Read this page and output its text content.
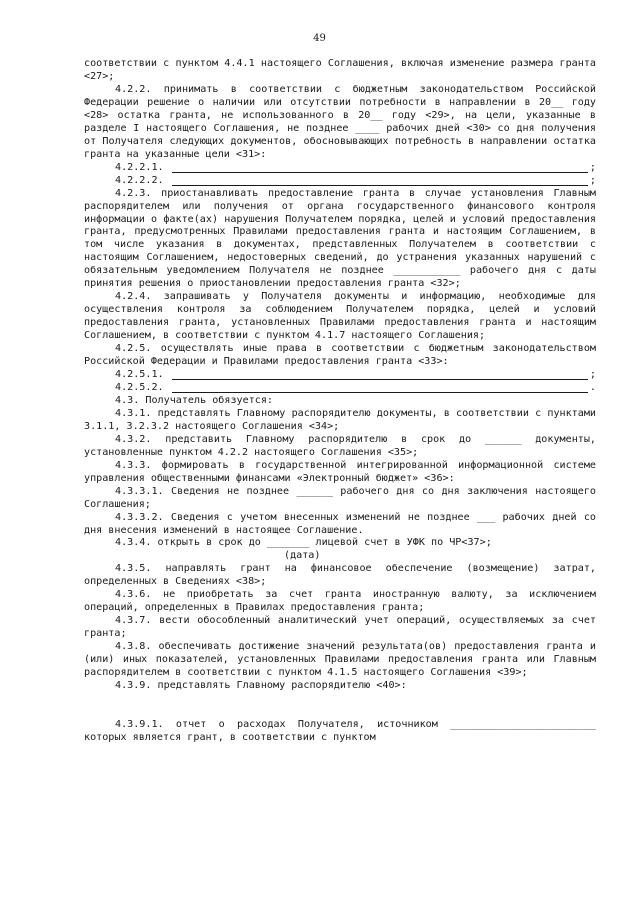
49
соответствии с пунктом 4.4.1 настоящего Соглашения, включая изменение размера гранта <27>;
4.2.2. принимать в соответствии с бюджетным законодательством Российской Федерации решение о наличии или отсутствии потребности в направлении в 20__ году <28> остатка гранта, не использованного в 20__ году <29>, на цели, указанные в разделе I настоящего Соглашения, не позднее ____ рабочих дней <30> со дня получения от Получателя следующих документов, обосновывающих потребность в направлении остатка гранта на указанные цели <31>:
4.2.2.1.	;
4.2.2.2.	;
4.2.3. приостанавливать предоставление гранта в случае установления Главным распорядителем или получения от органа государственного финансового контроля информации о факте(ах) нарушения Получателем порядка, целей и условий предоставления гранта, предусмотренных Правилами предоставления гранта и настоящим Соглашением, в том числе указания в документах, представленных Получателем в соответствии с настоящим Соглашением, недостоверных сведений, до устранения указанных нарушений с обязательным уведомлением Получателя не позднее ___________ рабочего дня с даты принятия решения о приостановлении предоставления гранта <32>;
4.2.4. запрашивать у Получателя документы и информацию, необходимые для осуществления контроля за соблюдением Получателем порядка, целей и условий предоставления гранта, установленных Правилами предоставления гранта и настоящим Соглашением, в соответствии с пунктом 4.1.7 настоящего Соглашения;
4.2.5. осуществлять иные права в соответствии с бюджетным законодательством Российской Федерации и Правилами предоставления гранта <33>:
4.2.5.1.	;
4.2.5.2.	.
4.3. Получатель обязуется:
4.3.1. представлять Главному распорядителю документы, в соответствии с пунктами 3.1.1, 3.2.3.2 настоящего Соглашения <34>;
4.3.2. представить Главному распорядителю в срок до ______ документы, установленные пунктом 4.2.2 настоящего Соглашения <35>;
4.3.3. формировать в государственной интегрированной информационной системе управления общественными финансами «Электронный бюджет» <36>:
4.3.3.1. Сведения не позднее ______ рабочего дня со дня заключения настоящего Соглашения;
4.3.3.2. Сведения с учетом внесенных изменений не позднее ___ рабочих дней со дня внесения изменений в настоящее Соглашение.
4.3.4. открыть в срок до _______ лицевой счет в УФК по ЧР<37>;
(дата)
4.3.5. направлять грант на финансовое обеспечение (возмещение) затрат, определенных в Сведениях <38>;
4.3.6. не приобретать за счет гранта иностранную валюту, за исключением операций, определенных в Правилах предоставления гранта;
4.3.7. вести обособленный аналитический учет операций, осуществляемых за счет гранта;
4.3.8. обеспечивать достижение значений результата(ов) предоставления гранта и (или) иных показателей, установленных Правилами предоставления гранта или Главным распорядителем в соответствии с пунктом 4.1.5 настоящего Соглашения <39>;
4.3.9. представлять Главному распорядителю <40>:
4.3.9.1. отчет о расходах Получателя, источником ________________________ которых является грант, в соответствии с пунктом
